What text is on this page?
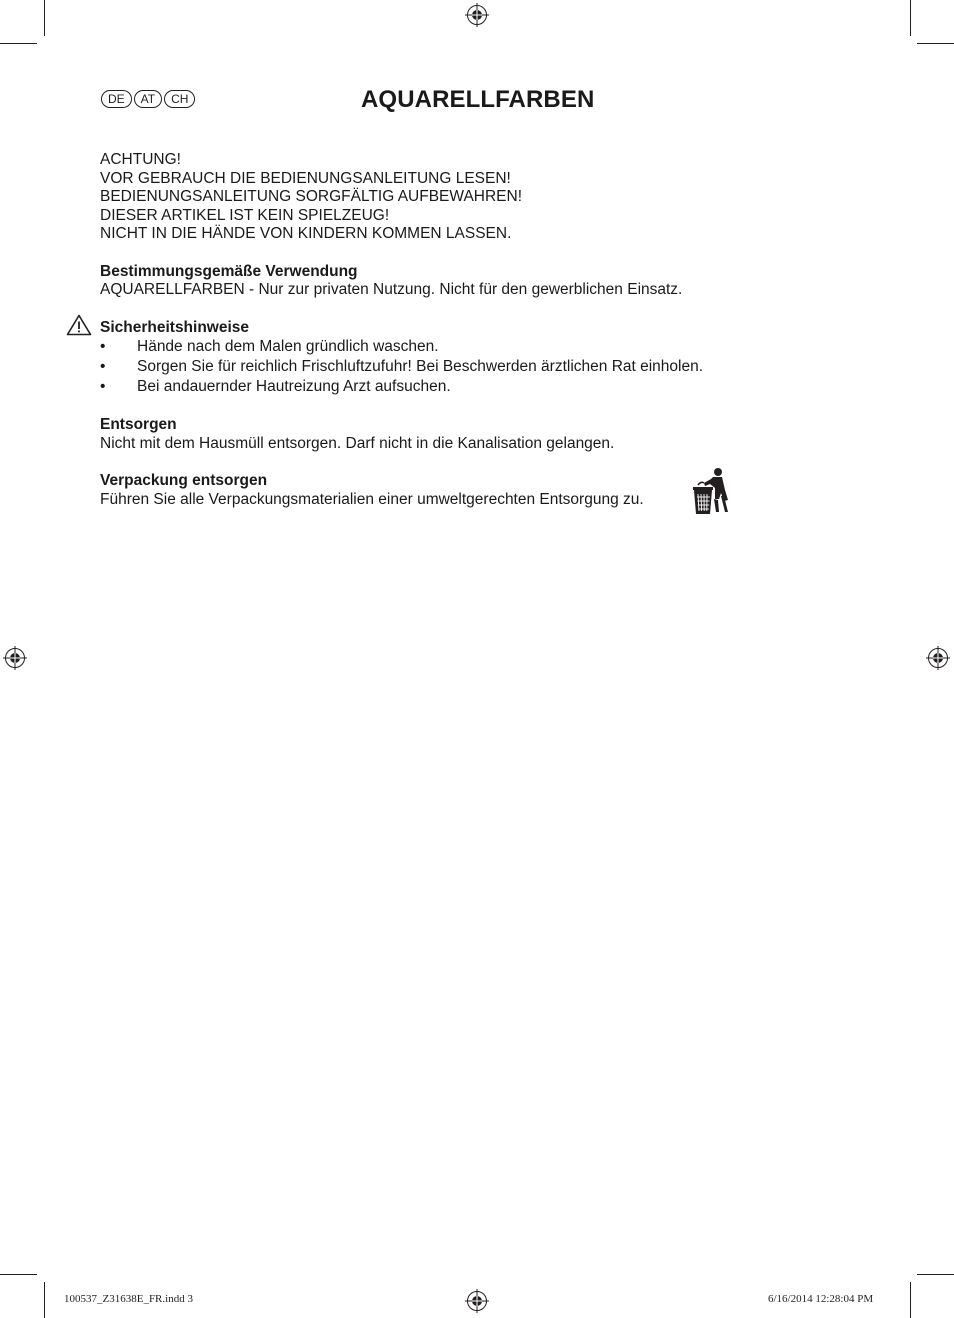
DE	AT	CH	AQUARELLFARBEN

ACHTUNG!

VOR GEBRAUCH DIE BEDIENUNGSANLEITUNG LESEN!

BEDIENUNGSANLEITUNG SORGFÄLTIG AUFBEWAHREN!

DIESER ARTIKEL IST KEIN SPIELZEUG!

NICHT IN DIE HÄNDE VON KINDERN KOMMEN LASSEN.

Bestimmungsgemäße Verwendung

AQUARELLFARBEN - Nur zur privaten Nutzung. Nicht für den gewerblichen Einsatz.

Sicherheitshinweise

• Hände nach dem Malen gründlich waschen.
• Sorgen Sie für reichlich Frischluftzufuhr! Bei Beschwerden ärztlichen Rat einholen.
• Bei andauernder Hautreizung Arzt aufsuchen.

Entsorgen

Nicht mit dem Hausmüll entsorgen. Darf nicht in die Kanalisation gelangen.

Verpackung entsorgen

Führen Sie alle Verpackungsmaterialien einer umweltgerechten Entsorgung zu.

100537_Z31638E_FR.indd 3	6/16/2014 12:28:04 PM
